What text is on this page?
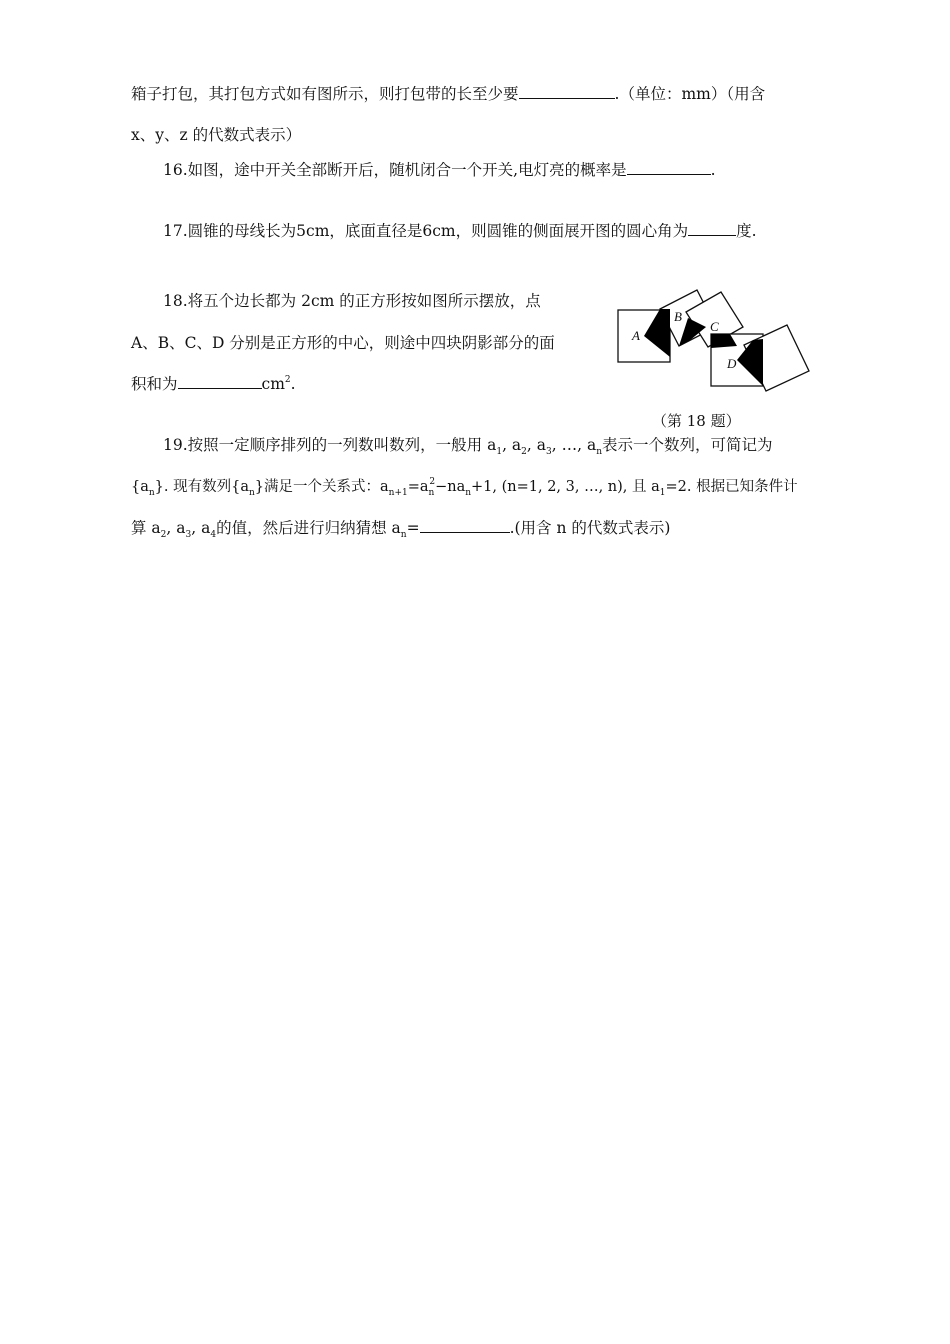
箱子打包，其打包方式如有图所示，则打包带的长至少要	.（单位：mm）（用含
x、y、z 的代数式表示）
16.如图，途中开关全部断开后，随机闭合一个开关,电灯亮的概率是	.
17.圆锥的母线长为5cm，底面直径是6cm，则圆锥的侧面展开图的圆心角为	度.
18.将五个边长都为 2cm 的正方形按如图所示摆放，点
A、B、C、D 分别是正方形的中心，则途中四块阴影部分的面
积和为	$cm^2$.
A
B
C
D
（第 18 题）
19.按照一定顺序排列的一列数叫数列，一般用 $a_1$, $a_2$, $a_3$, …, $a_n$表示一个数列，可简记为
$\{a_n\}$. 现有数列$\{a_n\}$满足一个关系式：$a_{n+1}=a_n^2-na_n+1$, (n=1, 2, 3, …, n), 且 $a_1=2$. 根据已知条件计
算 $a_2$, $a_3$, $a_4$的值，然后进行归纳猜想 $a_n=$	.(用含 n 的代数式表示)
